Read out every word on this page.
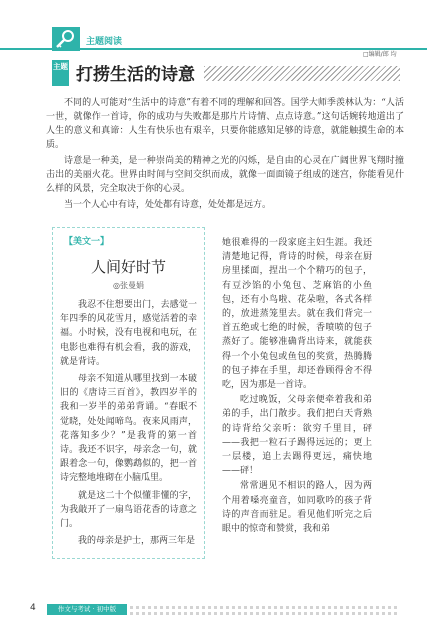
主题阅读
□编辑/郎 均
主题 打捞生活的诗意

不同的人可能对“生活中的诗意”有着不同的理解和回答。国学大师季羡林认为：“人活一世，就像作一首诗，你的成功与失败都是那片片诗情、点点诗意。”这句话婉转地道出了人生的意义和真谛：人生有快乐也有艰辛，只要你能感知足够的诗意，就能触摸生命的本质。

诗意是一种美，是一种崇尚美的精神之光的闪烁，是自由的心灵在广阔世界飞翔时撞击出的美丽火花。世界由时间与空间交织而成，就像一面面镜子组成的迷宫，你能看见什么样的风景，完全取决于你的心灵。

当一个人心中有诗，处处都有诗意，处处都是远方。

【美文一】
人间好时节
◎张曼娟

我忍不住想要出门，去感觉一年四季的风花雪月，感觉活着的幸福。小时候，没有电视和电玩，在电影也难得有机会看，我的游戏，就是背诗。

母亲不知道从哪里找到一本破旧的《唐诗三百首》，教四岁半的我和一岁半的弟弟背诵。“春眠不觉晓，处处闻啼鸟。夜来风雨声，花落知多少？”是我背的第一首诗。我还不识字，母亲念一句，就跟着念一句，像鹦鹉似的，把一首诗完整地堆砌在小脑瓜里。

就是这二十个似懂非懂的字，为我敲开了一扇鸟语花香的诗意之门。

我的母亲是护士，那两三年是

她很难得的一段家庭主妇生涯。我还清楚地记得，背诗的时候，母亲在厨房里揉面，捏出一个个精巧的包子，有豆沙馅的小兔包、芝麻馅的小鱼包，还有小鸟啦、花朵啦，各式各样的，放进蒸笼里去。就在我们背完一首五绝或七绝的时候，香喷喷的包子蒸好了。能够准确背出诗来，就能获得一个小兔包或鱼包的奖赏，热腾腾的包子捧在手里，却还眷顾得舍不得吃，因为那是一首诗。

吃过晚饭，父母亲便牵着我和弟弟的手，出门散步。我们把白天背熟的诗背给父亲听：欲穷千里目，砰——我把一粒石子踢得远远的；更上一层楼，追上去踢得更远，痛快地——砰！

常常遇见不相识的路人，因为两个用着嗓亮童音，如同歌吟的孩子背诗的声音而驻足。看见他们听完之后眼中的惊奇和赞赏，我和弟

4	作文与考试 · 初中版
